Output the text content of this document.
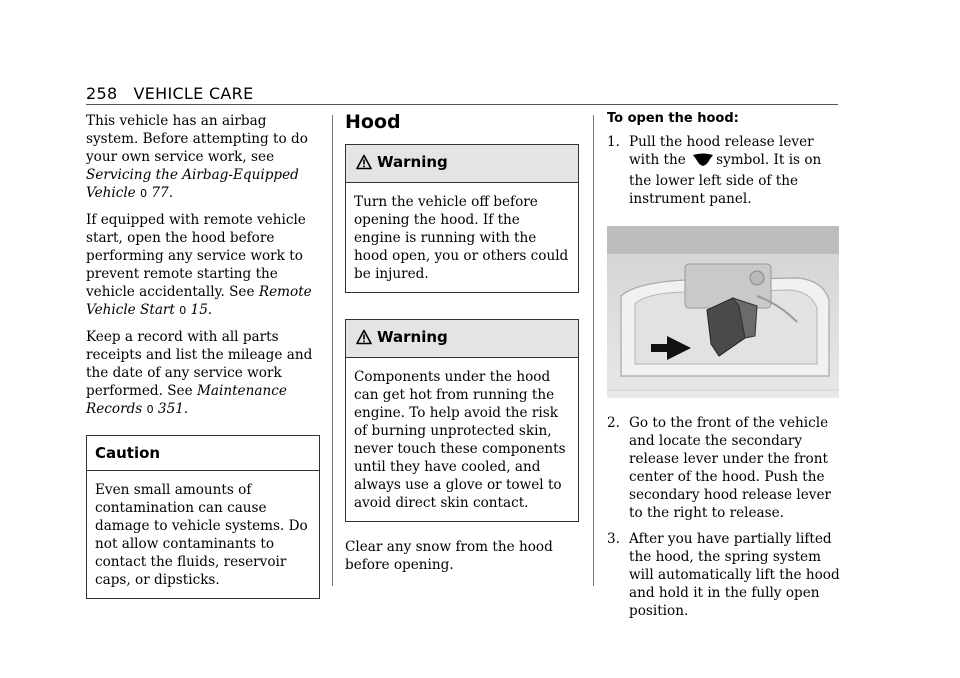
258 VEHICLE CARE

This vehicle has an airbag system. Before attempting to do your own service work, see Servicing the Airbag-Equipped Vehicle 0 77.

If equipped with remote vehicle start, open the hood before performing any service work to prevent remote starting the vehicle accidentally. See Remote Vehicle Start 0 15.

Keep a record with all parts receipts and list the mileage and the date of any service work performed. See Maintenance Records 0 351.

Caution
Even small amounts of contamination can cause damage to vehicle systems. Do not allow contaminants to contact the fluids, reservoir caps, or dipsticks.
Hood
Warning
Turn the vehicle off before opening the hood. If the engine is running with the hood open, you or others could be injured.
Warning
Components under the hood can get hot from running the engine. To help avoid the risk of burning unprotected skin, never touch these components until they have cooled, and always use a glove or towel to avoid direct skin contact.

Clear any snow from the hood before opening.

To open the hood:
1. Pull the hood release lever with the symbol. It is on the lower left side of the instrument panel.
2. Go to the front of the vehicle and locate the secondary release lever under the front center of the hood. Push the secondary hood release lever to the right to release.
3. After you have partially lifted the hood, the spring system will automatically lift the hood and hold it in the fully open position.
